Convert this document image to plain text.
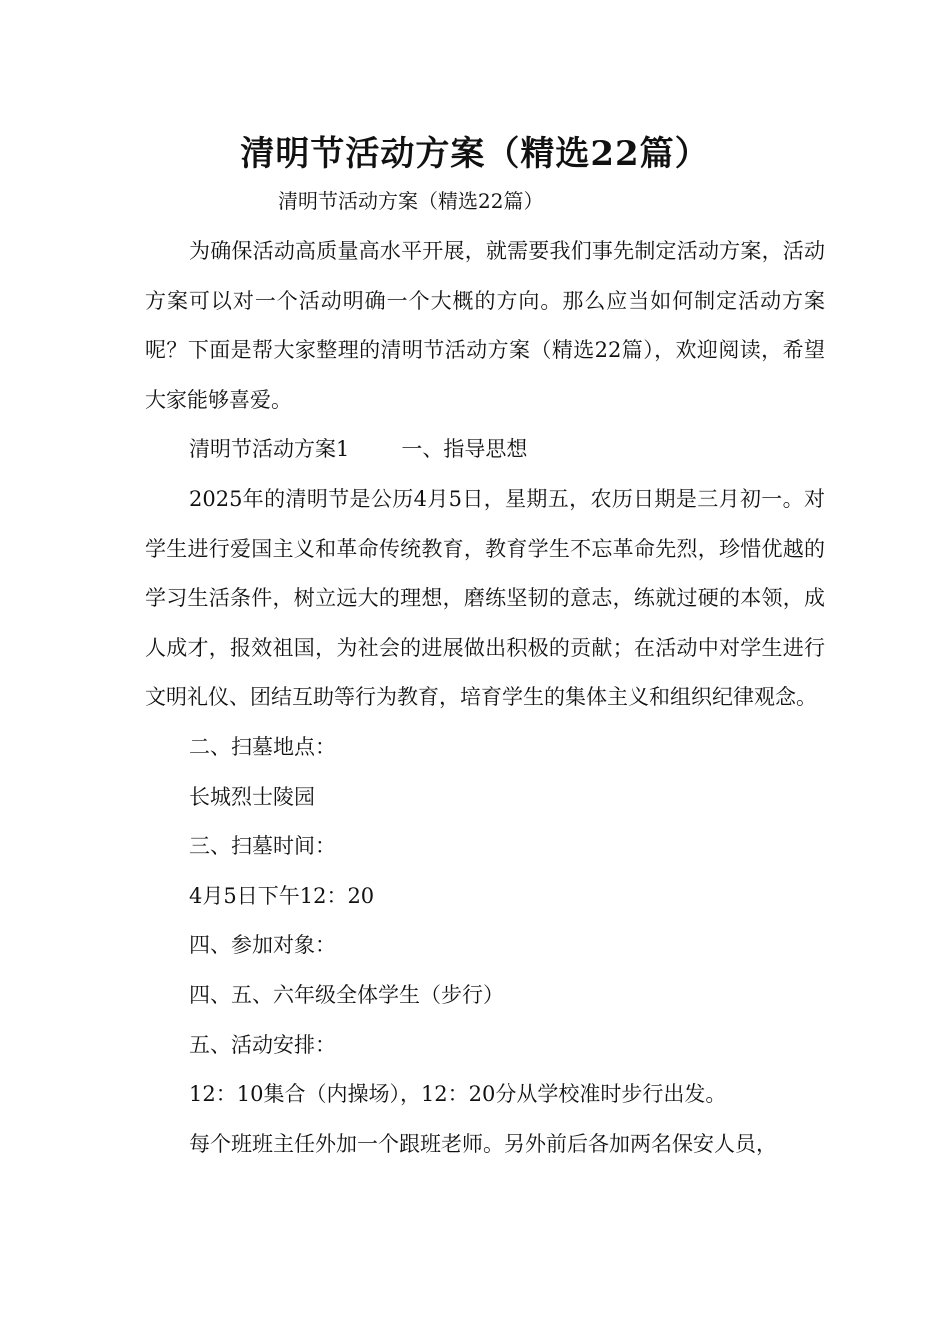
清明节活动方案（精选22篇）
清明节活动方案（精选22篇）

为确保活动高质量高水平开展，就需要我们事先制定活动方案，活动方案可以对一个活动明确一个大概的方向。那么应当如何制定活动方案呢？下面是帮大家整理的清明节活动方案（精选22篇），欢迎阅读，希望大家能够喜爱。

清明节活动方案1 一、指导思想

2025年的清明节是公历4月5日，星期五，农历日期是三月初一。对学生进行爱国主义和革命传统教育，教育学生不忘革命先烈，珍惜优越的学习生活条件，树立远大的理想，磨练坚韧的意志，练就过硬的本领，成人成才，报效祖国，为社会的进展做出积极的贡献；在活动中对学生进行文明礼仪、团结互助等行为教育，培育学生的集体主义和组织纪律观念。

二、扫墓地点：

长城烈士陵园

三、扫墓时间：

4月5日下午12：20

四、参加对象：

四、五、六年级全体学生（步行）

五、活动安排：

12：10集合（内操场），12：20分从学校准时步行出发。

每个班班主任外加一个跟班老师。另外前后各加两名保安人员，
